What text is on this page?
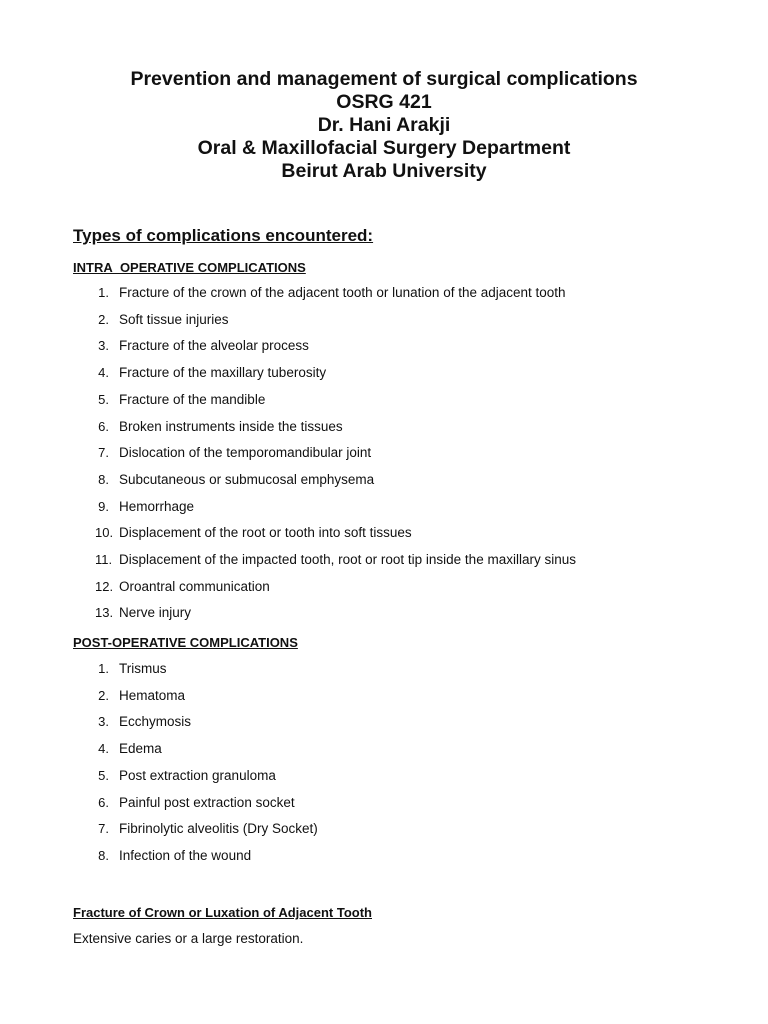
Prevention and management of surgical complications
OSRG 421
Dr. Hani Arakji
Oral & Maxillofacial Surgery Department
Beirut Arab University
Types of complications encountered:
INTRA_OPERATIVE COMPLICATIONS
1. Fracture of the crown of the adjacent tooth or lunation of the adjacent tooth
2. Soft tissue injuries
3. Fracture of the alveolar process
4. Fracture of the maxillary tuberosity
5. Fracture of the mandible
6. Broken instruments inside the tissues
7. Dislocation of the temporomandibular joint
8. Subcutaneous or submucosal emphysema
9. Hemorrhage
10. Displacement of the root or tooth into soft tissues
11. Displacement of the impacted tooth, root or root tip inside the maxillary sinus
12. Oroantral communication
13. Nerve injury
POST-OPERATIVE COMPLICATIONS
1. Trismus
2. Hematoma
3. Ecchymosis
4. Edema
5. Post extraction granuloma
6. Painful post extraction socket
7. Fibrinolytic alveolitis (Dry Socket)
8. Infection of the wound
Fracture of Crown or Luxation of Adjacent Tooth
Extensive caries or a large restoration.
